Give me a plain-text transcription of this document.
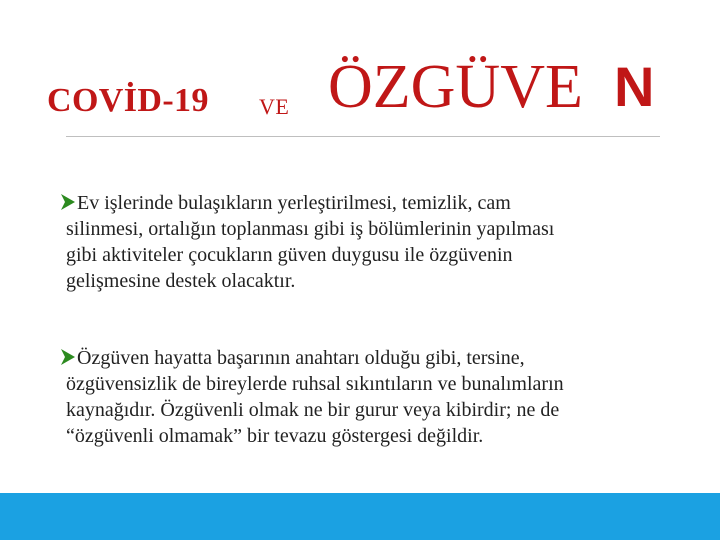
COVİD-19 VE ÖZGÜVE N
Ev işlerinde bulaşıkların yerleştirilmesi, temizlik, cam
silinmesi, ortalığın toplanması gibi iş bölümlerinin yapılması
gibi aktiviteler çocukların güven duygusu ile özgüvenin
gelişmesine destek olacaktır.
Özgüven hayatta başarının anahtarı olduğu gibi, tersine,
özgüvensizlik de bireylerde ruhsal sıkıntıların ve bunalımların
kaynağıdır. Özgüvenli olmak ne bir gurur veya kibirdir; ne de
“özgüvenli olmamak” bir tevazu göstergesi değildir.
